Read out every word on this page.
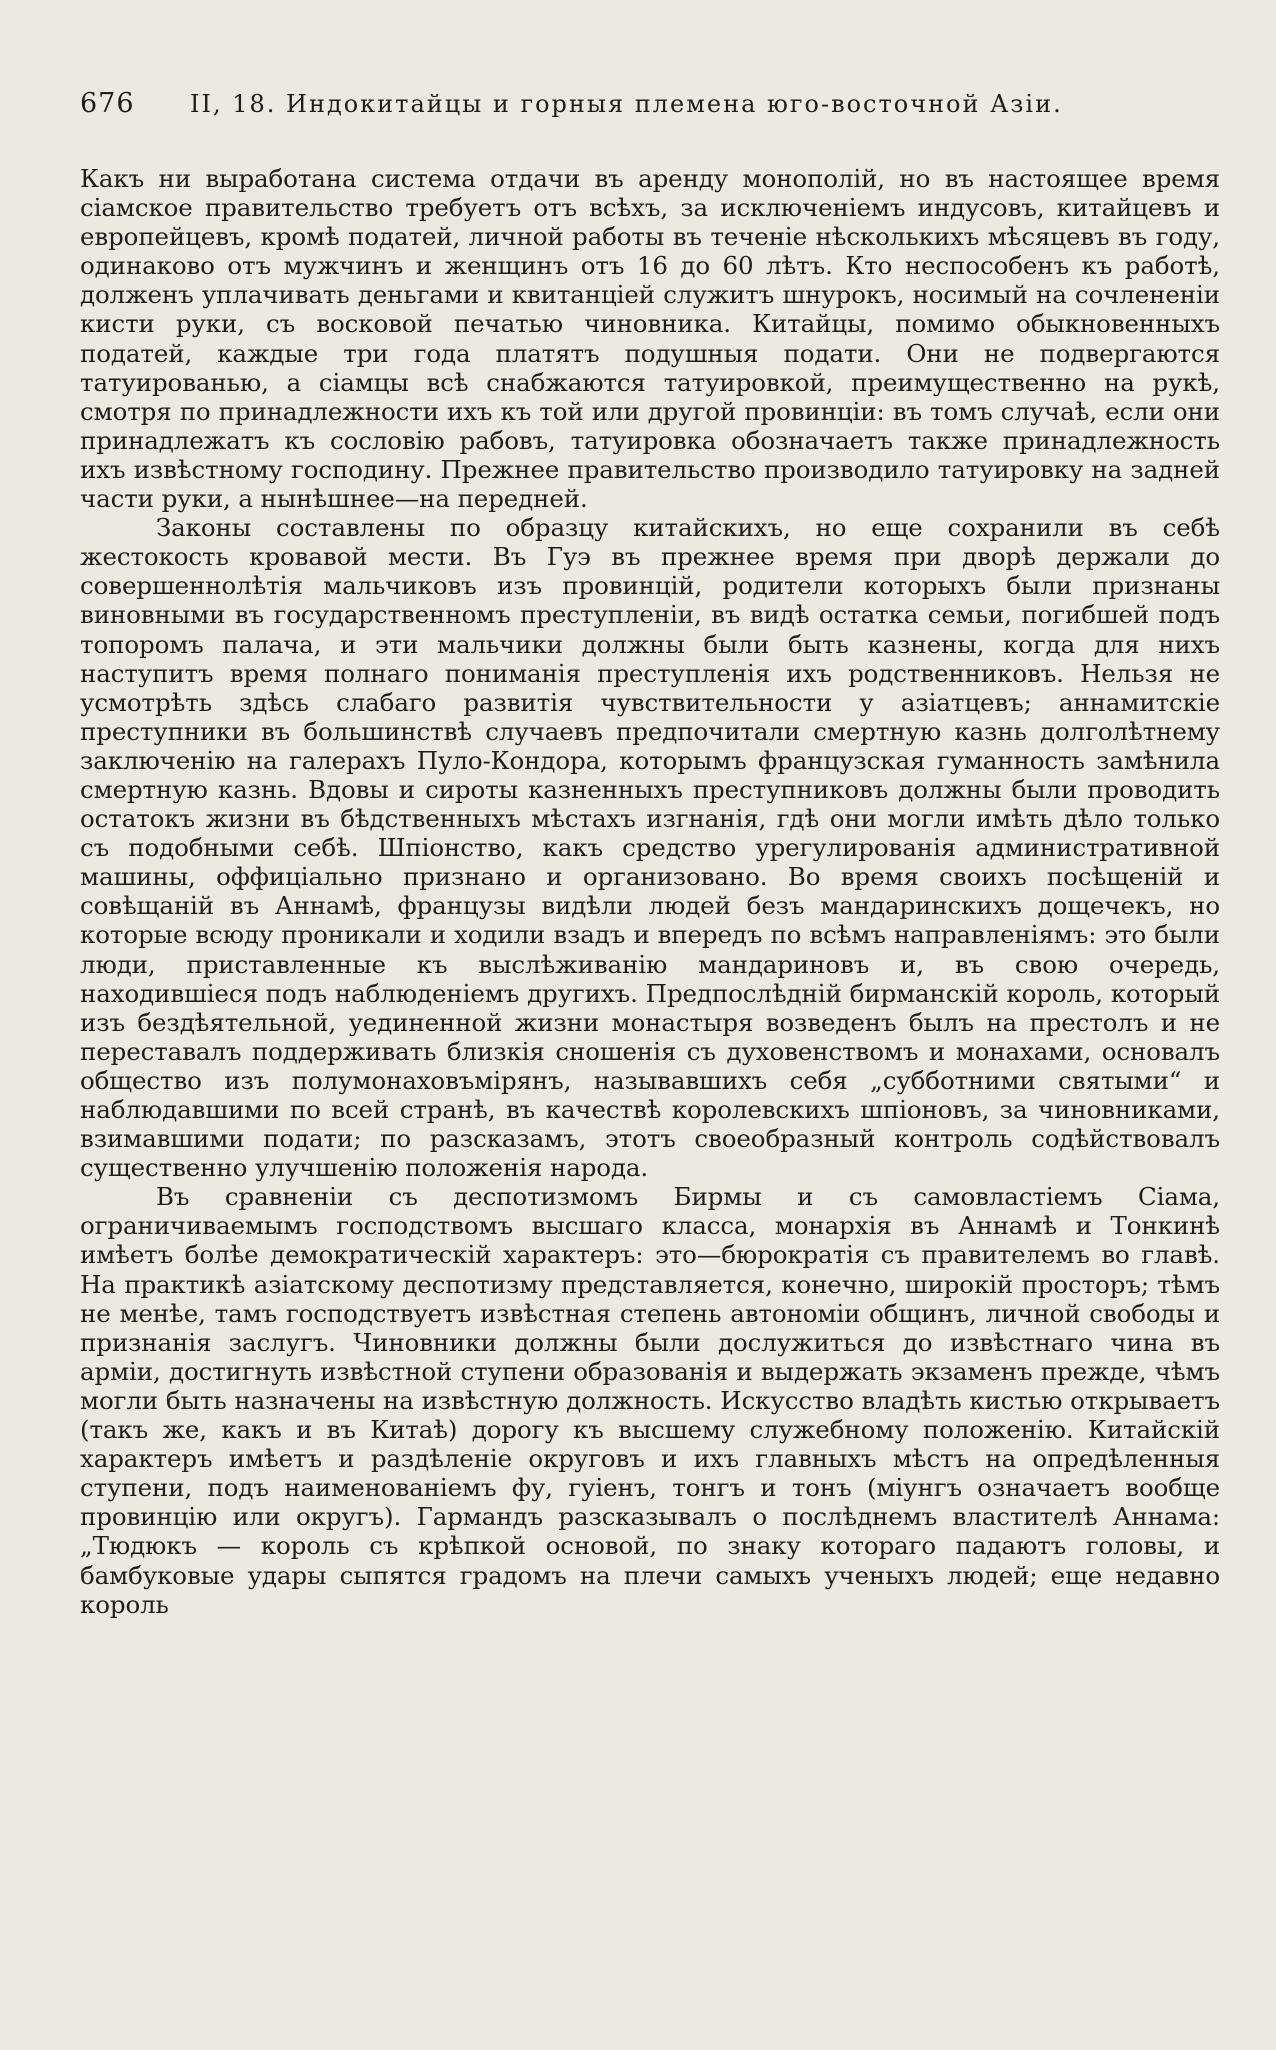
676	II, 18. Индокитайцы и горныя племена юго-восточной Азіи.

Какъ ни выработана система отдачи въ аренду монополій, но въ настоящее время сіамское правительство требуетъ отъ всѣхъ, за исключеніемъ индусовъ, китайцевъ и европейцевъ, кромѣ податей, личной работы въ теченіе нѣсколькихъ мѣсяцевъ въ году, одинаково отъ мужчинъ и женщинъ отъ 16 до 60 лѣтъ. Кто неспособенъ къ работѣ, долженъ уплачивать деньгами и квитанціей служитъ шнурокъ, носимый на сочлененіи кисти руки, съ восковой печатью чиновника. Китайцы, помимо обыкновенныхъ податей, каждые три года платятъ подушныя подати. Они не подвергаются татуированью, а сіамцы всѣ снабжаются татуировкой, преимущественно на рукѣ, смотря по принадлежности ихъ къ той или другой провинціи: въ томъ случаѣ, если они принадлежатъ къ сословію рабовъ, татуировка обозначаетъ также принадлежность ихъ извѣстному господину. Прежнее правительство производило татуировку на задней части руки, а нынѣшнее—на передней.

Законы составлены по образцу китайскихъ, но еще сохранили въ себѣ жестокость кровавой мести. Въ Гуэ въ прежнее время при дворѣ держали до совершеннолѣтія мальчиковъ изъ провинцій, родители которыхъ были признаны виновными въ государственномъ преступленіи, въ видѣ остатка семьи, погибшей подъ топоромъ палача, и эти мальчики должны были быть казнены, когда для нихъ наступитъ время полнаго пониманія преступленія ихъ родственниковъ. Нельзя не усмотрѣть здѣсь слабаго развитія чувствительности у азіатцевъ; аннамитскіе преступники въ большинствѣ случаевъ предпочитали смертную казнь долголѣтнему заключенію на галерахъ Пуло-Кондора, которымъ французская гуманность замѣнила смертную казнь. Вдовы и сироты казненныхъ преступниковъ должны были проводить остатокъ жизни въ бѣдственныхъ мѣстахъ изгнанія, гдѣ они могли имѣть дѣло только съ подобными себѣ. Шпіонство, какъ средство урегулированія административной машины, оффиціально признано и организовано. Во время своихъ посѣщеній и совѣщаній въ Аннамѣ, французы видѣли людей безъ мандаринскихъ дощечекъ, но которые всюду проникали и ходили взадъ и впередъ по всѣмъ направленіямъ: это были люди, приставленные къ выслѣживанію мандариновъ и, въ свою очередь, находившіеся подъ наблюденіемъ другихъ. Предпослѣдній бирманскій король, который изъ бездѣятельной, уединенной жизни монастыря возведенъ былъ на престолъ и не переставалъ поддерживать близкія сношенія съ духовенствомъ и монахами, основалъ общество изъ полумонаховъмірянъ, называвшихъ себя „субботними святыми“ и наблюдавшими по всей странѣ, въ качествѣ королевскихъ шпіоновъ, за чиновниками, взимавшими подати; по разсказамъ, этотъ своеобразный контроль содѣйствовалъ существенно улучшенію положенія народа.

Въ сравненіи съ деспотизмомъ Бирмы и съ самовластіемъ Сіама, ограничиваемымъ господствомъ высшаго класса, монархія въ Аннамѣ и Тонкинѣ имѣетъ болѣе демократическій характеръ: это—бюрократія съ правителемъ во главѣ. На практикѣ азіатскому деспотизму представляется, конечно, широкій просторъ; тѣмъ не менѣе, тамъ господствуетъ извѣстная степень автономіи общинъ, личной свободы и признанія заслугъ. Чиновники должны были дослужиться до извѣстнаго чина въ арміи, достигнуть извѣстной ступени образованія и выдержать экзаменъ прежде, чѣмъ могли быть назначены на извѣстную должность. Искусство владѣть кистью открываетъ (такъ же, какъ и въ Китаѣ) дорогу къ высшему служебному положенію. Китайскій характеръ имѣетъ и раздѣленіе округовъ и ихъ главныхъ мѣстъ на опредѣленныя ступени, подъ наименованіемъ фу, гуіенъ, тонгъ и тонъ (міунгъ означаетъ вообще провинцію или округъ). Гармандъ разсказывалъ о послѣднемъ властителѣ Аннама: „Тюдюкъ — король съ крѣпкой основой, по знаку котораго падаютъ головы, и бамбуковые удары сыпятся градомъ на плечи самыхъ ученыхъ людей; еще недавно король
